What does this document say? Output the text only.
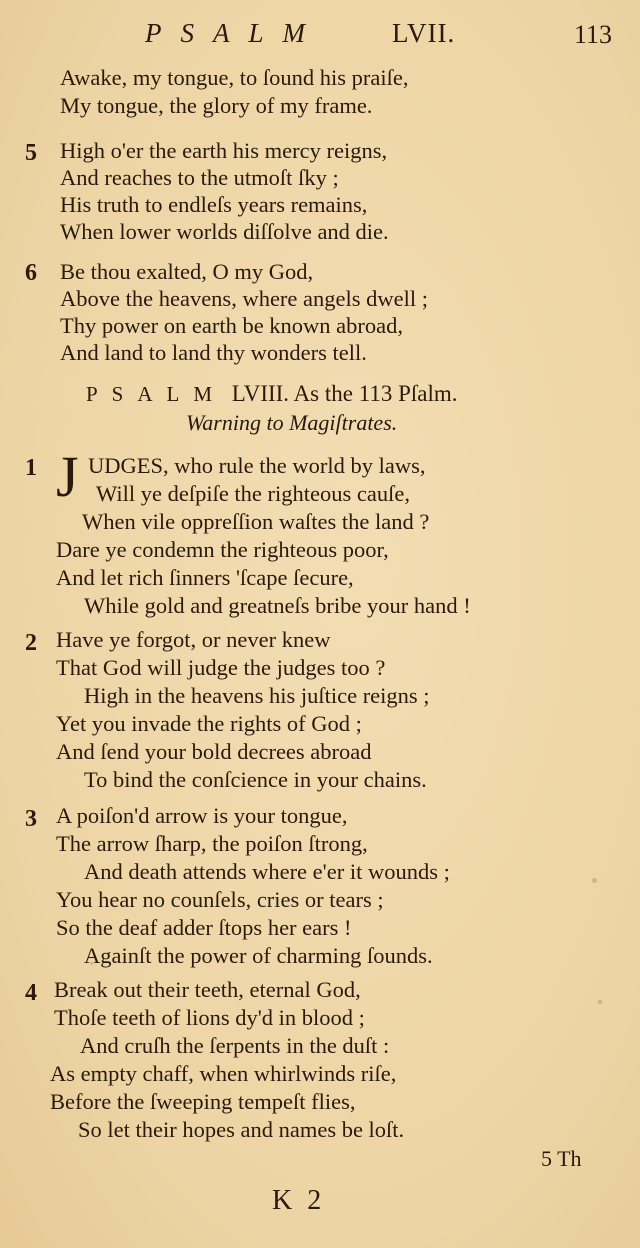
PSALM	LVII.	113
Awake, my tongue, to ſound his praiſe,
My tongue, the glory of my frame.
5 High o'er the earth his mercy reigns,
And reaches to the utmoſt ſky ;
His truth to endleſs years remains,
When lower worlds diſſolve and die.
6 Be thou exalted, O my God,
Above the heavens, where angels dwell ;
Thy power on earth be known abroad,
And land to land thy wonders tell.
PSALM LVIII. As the 113 Pſalm.
Warning to Magiſtrates.
1 J UDGES, who rule the world by laws,
Will ye deſpiſe the righteous cauſe,
When vile oppreſſion waſtes the land ?
Dare ye condemn the righteous poor,
And let rich ſinners 'ſcape ſecure,
While gold and greatneſs bribe your hand !
2 Have ye forgot, or never knew
That God will judge the judges too ?
High in the heavens his juſtice reigns ;
Yet you invade the rights of God ;
And ſend your bold decrees abroad
To bind the conſcience in your chains.
3 A poiſon'd arrow is your tongue,
The arrow ſharp, the poiſon ſtrong,
And death attends where e'er it wounds ;
You hear no counſels, cries or tears ;
So the deaf adder ſtops her ears !
Againſt the power of charming ſounds.
4 Break out their teeth, eternal God,
Thoſe teeth of lions dy'd in blood ;
And cruſh the ſerpents in the duſt :
As empty chaff, when whirlwinds riſe,
Before the ſweeping tempeſt flies,
So let their hopes and names be loſt.
5 Th
K 2
